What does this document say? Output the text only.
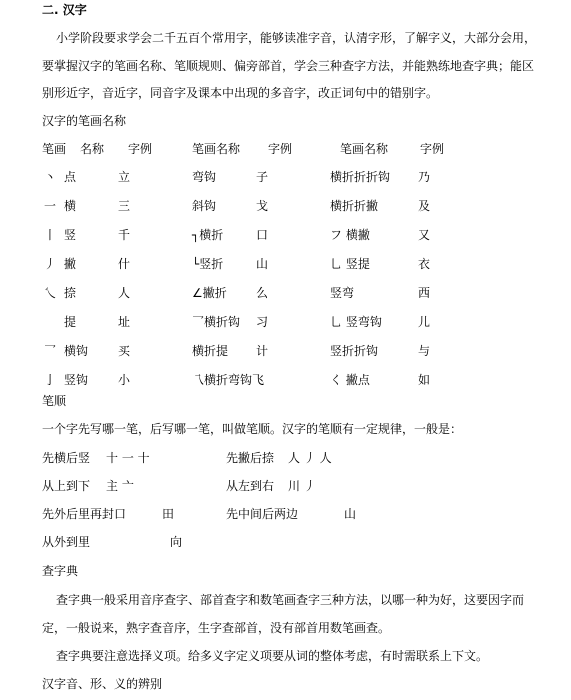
二. 汉字
小学阶段要求学会二千五百个常用字，能够读准字音，认清字形，了解字义，大部分会用，
要掌握汉字的笔画名称、笔顺规则、偏旁部首，学会三种查字方法，并能熟练地查字典；能区
别形近字，音近字，同音字及课本中出现的多音字，改正词句中的错别字。
汉字的笔画名称
笔画 名称 字例	笔画名称 字例	笔画名称	字例
丶 点	立	弯钩	子	横折折折钩 乃
一 横	三	斜钩	戈	横折折撇	及
丨 竖	千	┐横折	口	フ 横撇	又
丿 撇	什	└竖折	山	乚 竖提	衣
乀 捺	人	∠撇折 么	竖弯	西
提	址	乛横折钩 习	乚 竖弯钩	儿
乛 横钩 买	横折提 计	竖折折钩	与
亅 竖钩 小	乁横折弯钩飞	く 撇点	如
笔顺
一个字先写哪一笔，后写哪一笔，叫做笔顺。汉字的笔顺有一定规律，一般是：
先横后竖 十 一 十	先撇后捺 人 丿 人
从上到下 主 亠	从左到右 川 丿
先外后里再封口	田	先中间后两边	山
从外到里	向
查字典
查字典一般采用音序查字、部首查字和数笔画查字三种方法，以哪一种为好，这要因字而
定，一般说来，熟字查音序，生字查部首，没有部首用数笔画查。
查字典要注意选择义项。给多义字定义项要从词的整体考虑，有时需联系上下文。
汉字音、形、义的辨别
